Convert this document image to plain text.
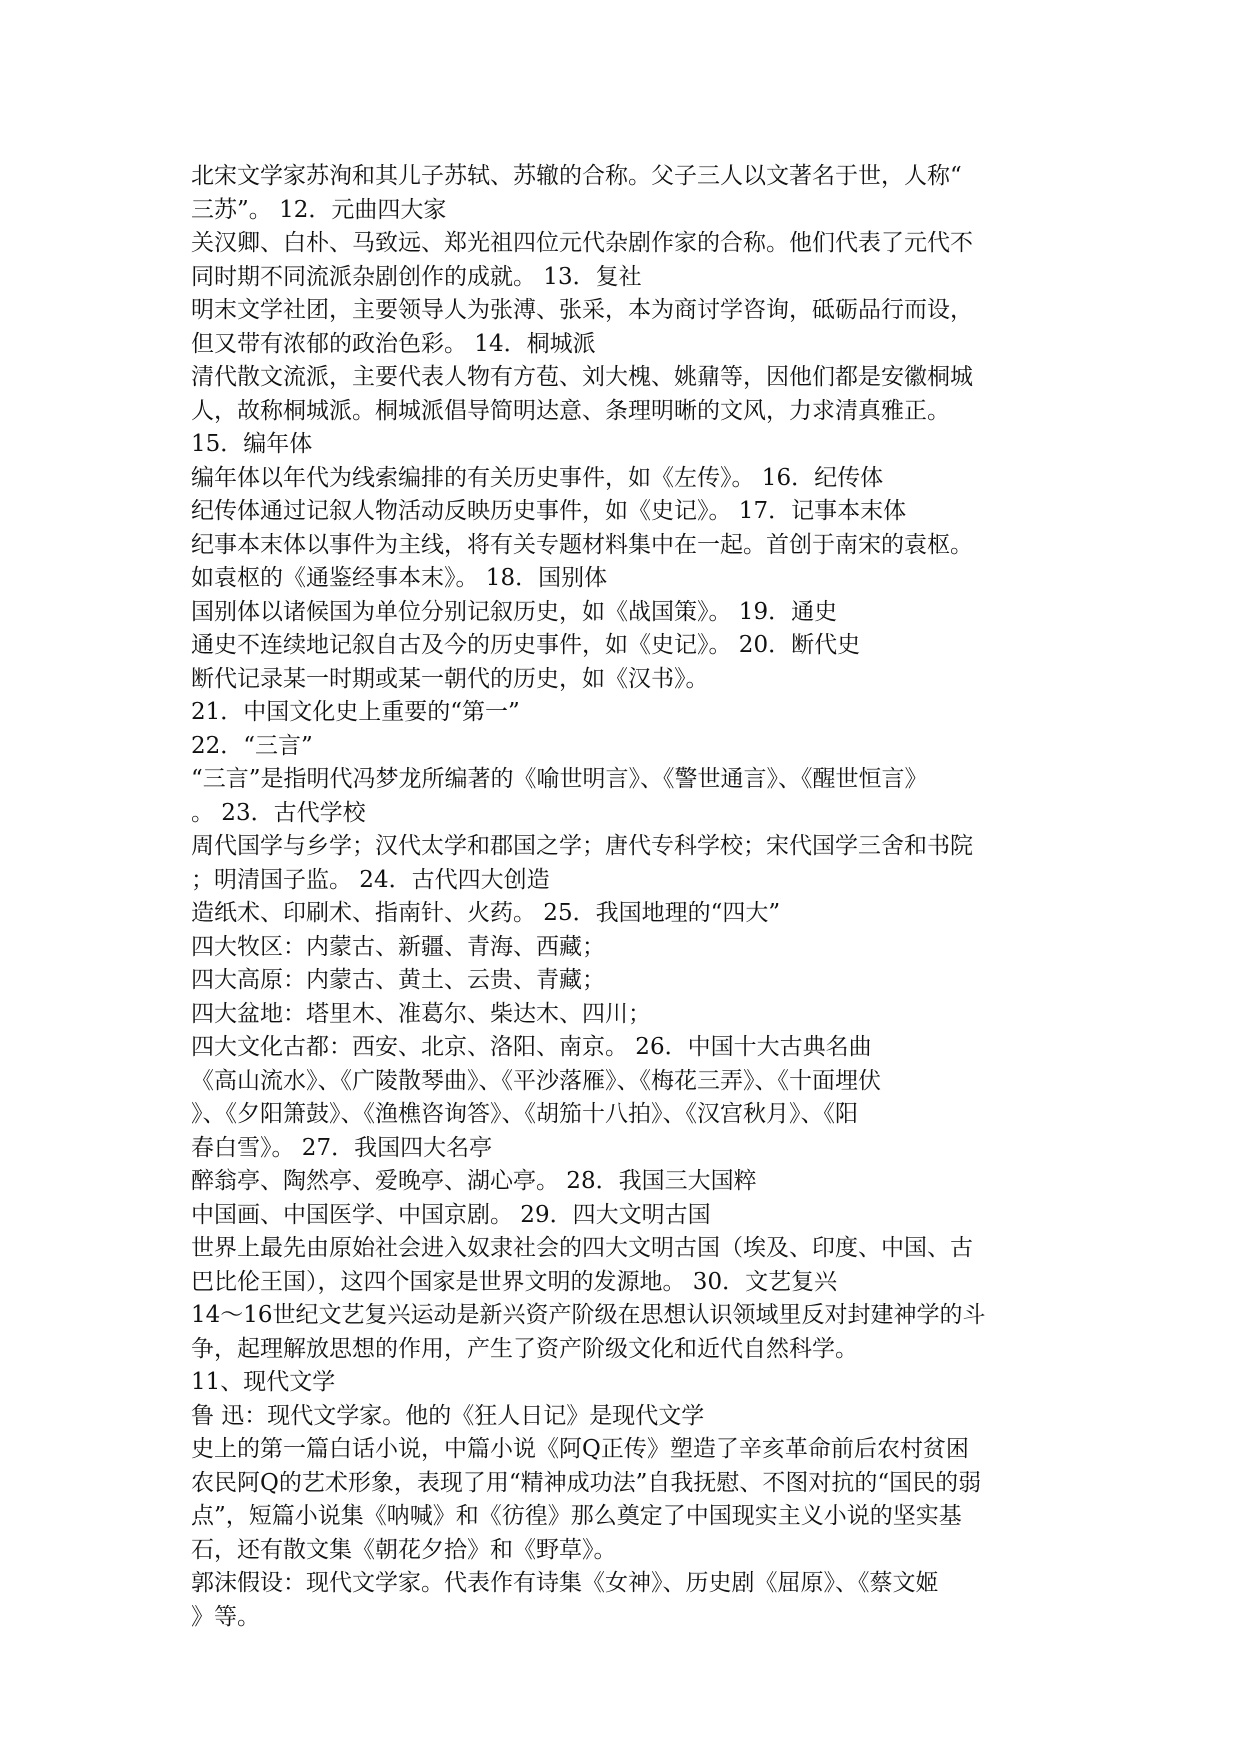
北宋文学家苏洵和其儿子苏轼、苏辙的合称。父子三人以文著名于世，人称“
三苏”。 12．元曲四大家
关汉卿、白朴、马致远、郑光祖四位元代杂剧作家的合称。他们代表了元代不
同时期不同流派杂剧创作的成就。 13．复社
明末文学社团，主要领导人为张溥、张采，本为商讨学咨询，砥砺品行而设，
但又带有浓郁的政治色彩。 14．桐城派
清代散文流派，主要代表人物有方苞、刘大槐、姚鼐等，因他们都是安徽桐城
人，故称桐城派。桐城派倡导简明达意、条理明晰的文风，力求清真雅正。
15．编年体
编年体以年代为线索编排的有关历史事件，如《左传》。 16．纪传体
纪传体通过记叙人物活动反映历史事件，如《史记》。 17．记事本末体
纪事本末体以事件为主线，将有关专题材料集中在一起。首创于南宋的袁枢。
如袁枢的《通鉴经事本末》。 18．国别体
国别体以诸候国为单位分别记叙历史，如《战国策》。 19．通史
通史不连续地记叙自古及今的历史事件，如《史记》。 20．断代史
断代记录某一时期或某一朝代的历史，如《汉书》。
21．中国文化史上重要的“第一”
22．“三言”
“三言”是指明代冯梦龙所编著的《喻世明言》、《警世通言》、《醒世恒言》
。 23．古代学校
周代国学与乡学；汉代太学和郡国之学；唐代专科学校；宋代国学三舍和书院
；明清国子监。 24．古代四大创造
造纸术、印刷术、指南针、火药。 25．我国地理的“四大”
四大牧区：内蒙古、新疆、青海、西藏；
四大高原：内蒙古、黄土、云贵、青藏；
四大盆地：塔里木、准葛尔、柴达木、四川；
四大文化古都：西安、北京、洛阳、南京。 26．中国十大古典名曲
《高山流水》、《广陵散琴曲》、《平沙落雁》、《梅花三弄》、《十面埋伏
》、《夕阳箫鼓》、《渔樵咨询答》、《胡笳十八拍》、《汉宫秋月》、《阳
春白雪》。 27．我国四大名亭
醉翁亭、陶然亭、爱晚亭、湖心亭。 28．我国三大国粹
中国画、中国医学、中国京剧。 29．四大文明古国
世界上最先由原始社会进入奴隶社会的四大文明古国（埃及、印度、中国、古
巴比伦王国），这四个国家是世界文明的发源地。 30．文艺复兴
14～16世纪文艺复兴运动是新兴资产阶级在思想认识领域里反对封建神学的斗
争，起理解放思想的作用，产生了资产阶级文化和近代自然科学。
11、现代文学
鲁 迅：现代文学家。他的《狂人日记》是现代文学
史上的第一篇白话小说，中篇小说《阿Q正传》塑造了辛亥革命前后农村贫困
农民阿Q的艺术形象，表现了用“精神成功法”自我抚慰、不图对抗的“国民的弱
点”，短篇小说集《呐喊》和《彷徨》那么奠定了中国现实主义小说的坚实基
石，还有散文集《朝花夕拾》和《野草》。
郭沫假设：现代文学家。代表作有诗集《女神》、历史剧《屈原》、《蔡文姬
》等。
